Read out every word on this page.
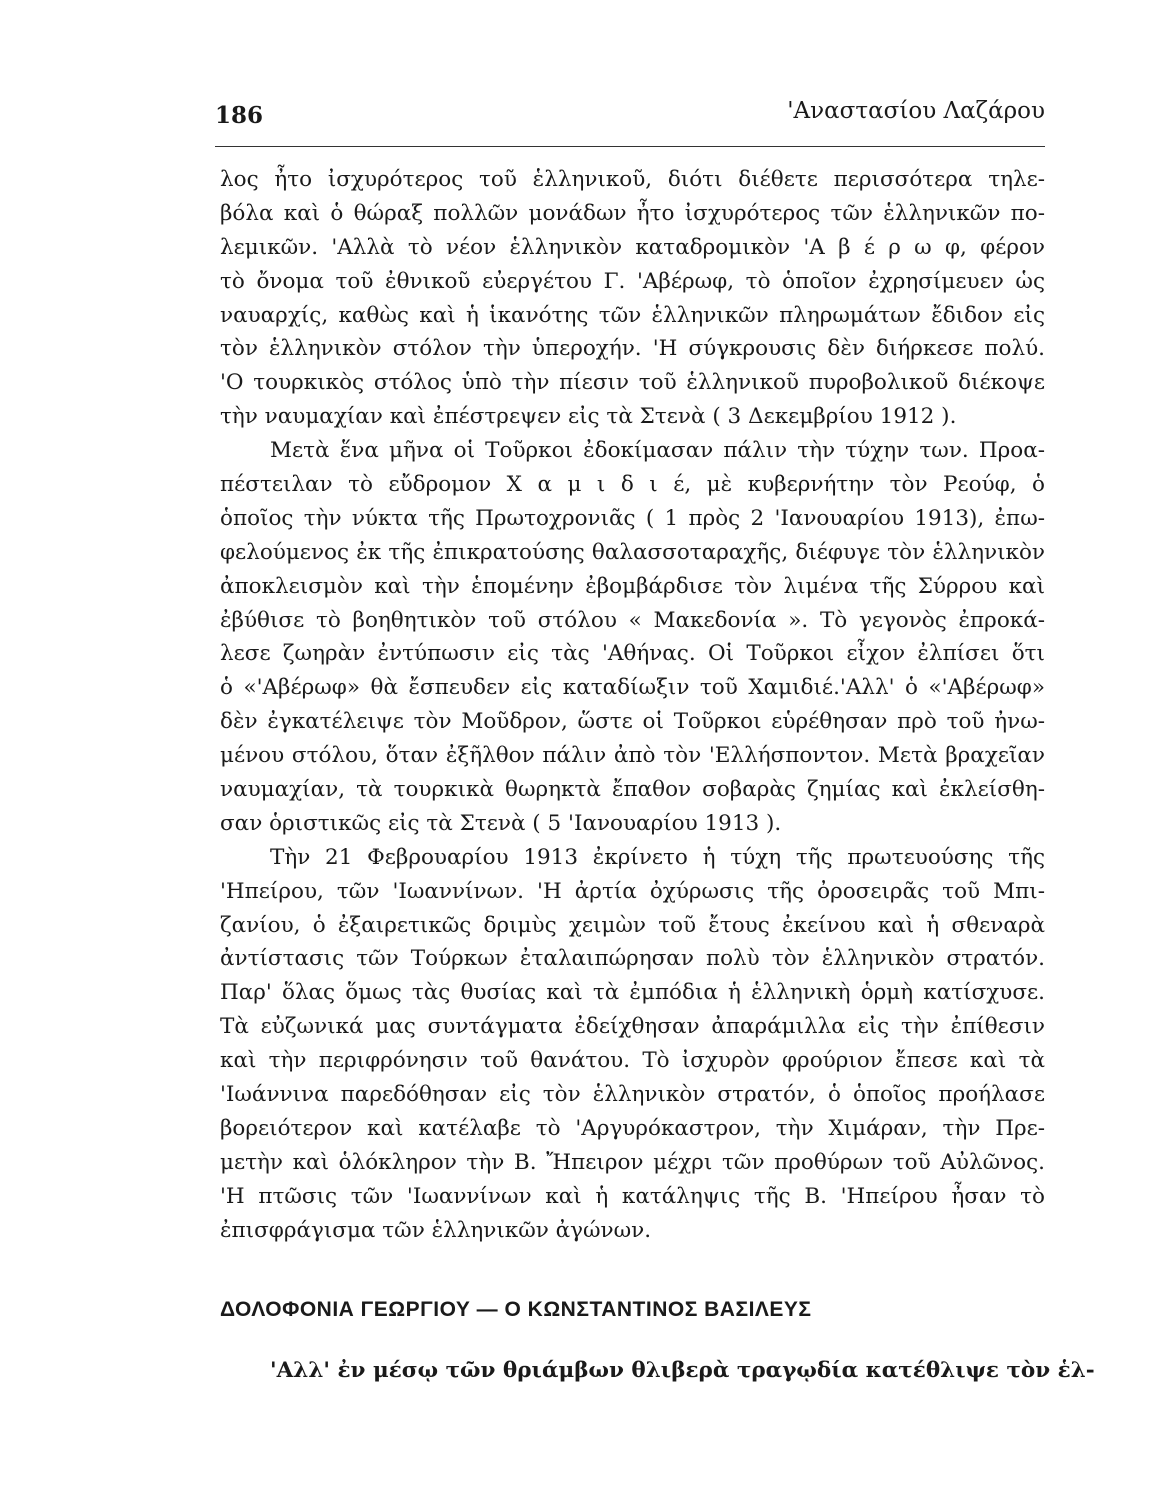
186	'Αναστασίου Λαζάρου
λος ἦτο ἰσχυρότερος τοῦ ἑλληνικοῦ, διότι διέθετε περισσότερα τηλε-
βόλα καὶ ὁ θώραξ πολλῶν μονάδων ἦτο ἰσχυρότερος τῶν ἑλληνικῶν πο-
λεμικῶν. 'Αλλὰ τὸ νέον ἑλληνικὸν καταδρομικὸν 'Α β έ ρ ω φ, φέρον
τὸ ὄνομα τοῦ ἐθνικοῦ εὐεργέτου Γ. 'Αβέρωφ, τὸ ὁποῖον ἐχρησίμευεν ὡς
ναυαρχίς, καθὼς καὶ ἡ ἱκανότης τῶν ἑλληνικῶν πληρωμάτων ἔδιδον εἰς
τὸν ἑλληνικὸν στόλον τὴν ὑπεροχήν. 'Η σύγκρουσις δὲν διήρκεσε πολύ.
'Ο τουρκικὸς στόλος ὑπὸ τὴν πίεσιν τοῦ ἑλληνικοῦ πυροβολικοῦ διέκοψε
τὴν ναυμαχίαν καὶ ἐπέστρεψεν εἰς τὰ Στενὰ ( 3 Δεκεμβρίου 1912 ).
Μετὰ ἕνα μῆνα οἱ Τοῦρκοι ἐδοκίμασαν πάλιν τὴν τύχην των. Προα-
πέστειλαν τὸ εὔδρομον Χ α μ ι δ ι έ, μὲ κυβερνήτην τὸν Ρεούφ, ὁ
ὁποῖος τὴν νύκτα τῆς Πρωτοχρονιᾶς ( 1 πρὸς 2 'Ιανουαρίου 1913), ἐπω-
φελούμενος ἐκ τῆς ἐπικρατούσης θαλασσοταραχῆς, διέφυγε τὸν ἑλληνικὸν
ἀποκλεισμὸν καὶ τὴν ἑπομένην ἐβομβάρδισε τὸν λιμένα τῆς Σύρρου καὶ
ἐβύθισε τὸ βοηθητικὸν τοῦ στόλου « Μακεδονία ». Τὸ γεγονὸς ἐπροκά-
λεσε ζωηρὰν ἐντύπωσιν εἰς τὰς 'Αθήνας. Οἱ Τοῦρκοι εἶχον ἐλπίσει ὅτι
ὁ «'Αβέρωφ» θὰ ἔσπευδεν εἰς καταδίωξιν τοῦ Χαμιδιέ.'Αλλ' ὁ «'Αβέρωφ»
δὲν ἐγκατέλειψε τὸν Μοῦδρον, ὥστε οἱ Τοῦρκοι εὑρέθησαν πρὸ τοῦ ἠνω-
μένου στόλου, ὅταν ἐξῆλθον πάλιν ἀπὸ τὸν 'Ελλήσποντον. Μετὰ βραχεῖαν
ναυμαχίαν, τὰ τουρκικὰ θωρηκτὰ ἔπαθον σοβαρὰς ζημίας καὶ ἐκλείσθη-
σαν ὁριστικῶς εἰς τὰ Στενὰ ( 5 'Ιανουαρίου 1913 ).
Τὴν 21 Φεβρουαρίου 1913 ἐκρίνετο ἡ τύχη τῆς πρωτευούσης τῆς
'Ηπείρου, τῶν 'Ιωαννίνων. 'Η ἀρτία ὀχύρωσις τῆς ὀροσειρᾶς τοῦ Μπι-
ζανίου, ὁ ἐξαιρετικῶς δριμὺς χειμὼν τοῦ ἔτους ἐκείνου καὶ ἡ σθεναρὰ
ἀντίστασις τῶν Τούρκων ἐταλαιπώρησαν πολὺ τὸν ἑλληνικὸν στρατόν.
Παρ' ὅλας ὅμως τὰς θυσίας καὶ τὰ ἐμπόδια ἡ ἑλληνικὴ ὁρμὴ κατίσχυσε.
Τὰ εὐζωνικά μας συντάγματα ἐδείχθησαν ἀπαράμιλλα εἰς τὴν ἐπίθεσιν
καὶ τὴν περιφρόνησιν τοῦ θανάτου. Τὸ ἰσχυρὸν φρούριον ἔπεσε καὶ τὰ
'Ιωάννινα παρεδόθησαν εἰς τὸν ἑλληνικὸν στρατόν, ὁ ὁποῖος προήλασε
βορειότερον καὶ κατέλαβε τὸ 'Αργυρόκαστρον, τὴν Χιμάραν, τὴν Πρε-
μετὴν καὶ ὁλόκληρον τὴν Β. Ἤπειρον μέχρι τῶν προθύρων τοῦ Αὐλῶνος.
'Η πτῶσις τῶν 'Ιωαννίνων καὶ ἡ κατάληψις τῆς Β. 'Ηπείρου ἦσαν τὸ
ἐπισφράγισμα τῶν ἑλληνικῶν ἀγώνων.
ΔΟΛΟΦΟΝΙΑ ΓΕΩΡΓΙΟΥ — Ο ΚΩΝΣΤΑΝΤΙΝΟΣ ΒΑΣΙΛΕΥΣ
'Αλλ' ἐν μέσῳ τῶν θριάμβων θλιβερὰ τραγῳδία κατέθλιψε τὸν ἑλ-
